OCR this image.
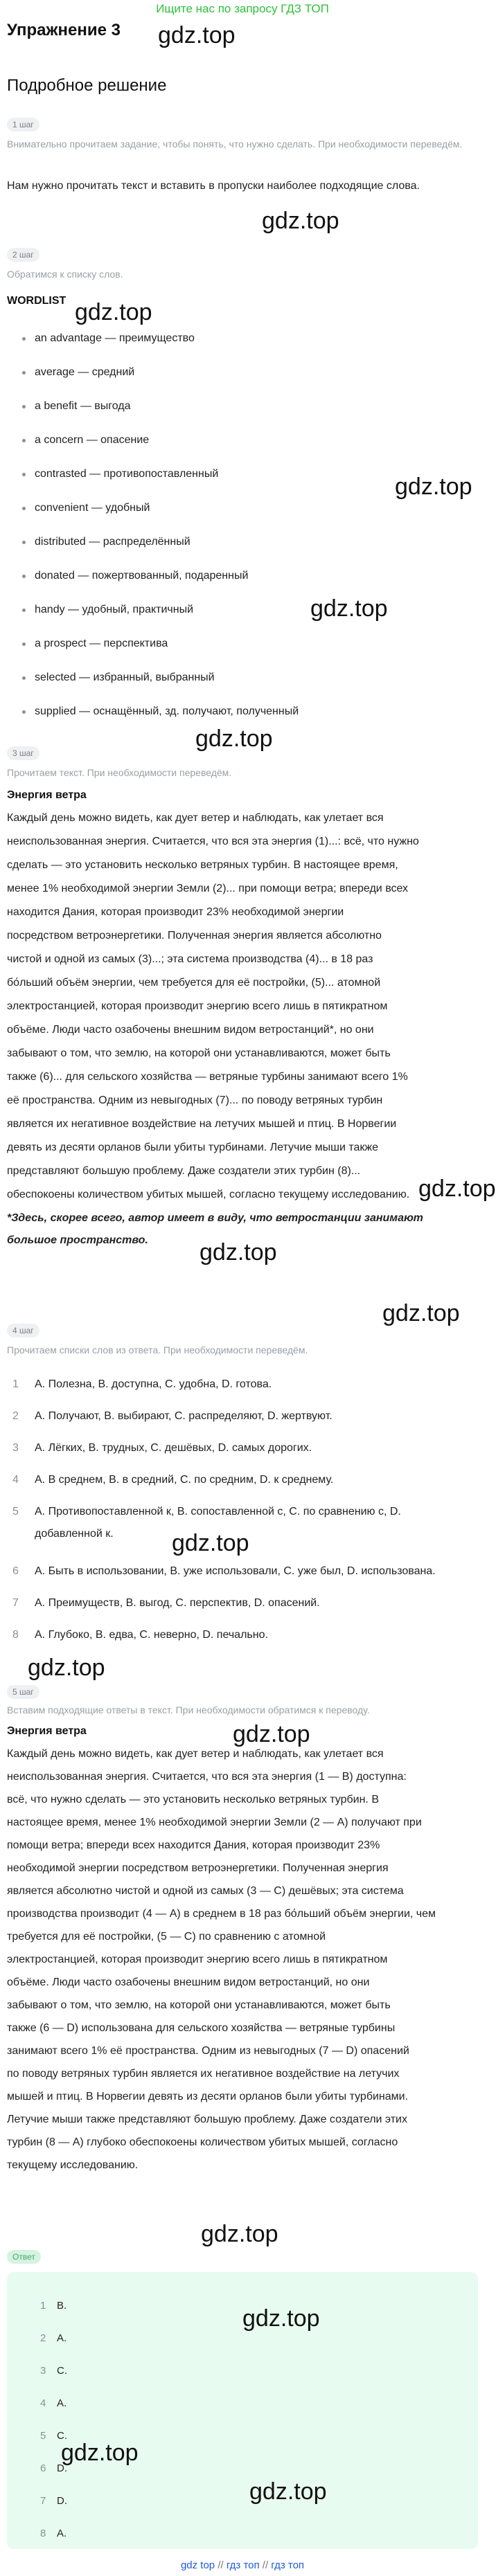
Ищите нас по запросу ГДЗ ТОП
Упражнение 3 gdz.top
Подробное решение
1 шаг
Внимательно прочитаем задание, чтобы понять, что нужно сделать. При необходимости переведём.
Нам нужно прочитать текст и вставить в пропуски наиболее подходящие слова.
gdz.top
2 шаг
Обратимся к списку слов.
WORDLIST gdz.top
an advantage — преимущество
average — средний
a benefit — выгода
a concern — опасение
contrasted — противопоставленный
convenient — удобный
distributed — распределённый
donated — пожертвованный, подаренный
handy — удобный, практичный
a prospect — перспектива
selected — избранный, выбранный
supplied — оснащённый, зд. получают, полученный
gdz.top
gdz.top
gdz.top
3 шаг
Прочитаем текст. При необходимости переведём.
Энергия ветра
Каждый день можно видеть, как дует ветер и наблюдать, как улетает вся
неиспользованная энергия. Считается, что вся эта энергия (1)...: всё, что нужно
сделать — это установить несколько ветряных турбин. В настоящее время,
менее 1% необходимой энергии Земли (2)... при помощи ветра; впереди всех
находится Дания, которая производит 23% необходимой энергии
посредством ветроэнергетики. Полученная энергия является абсолютно
чистой и одной из самых (3)...; эта система производства (4)... в 18 раз
бо́льший объём энергии, чем требуется для её постройки, (5)... атомной
электростанцией, которая производит энергию всего лишь в пятикратном
объёме. Люди часто озабочены внешним видом ветростанций*, но они
забывают о том, что землю, на которой они устанавливаются, может быть
также (6)... для сельского хозяйства — ветряные турбины занимают всего 1%
её пространства. Одним из невыгодных (7)... по поводу ветряных турбин
является их негативное воздействие на летучих мышей и птиц. В Норвегии
девять из десяти орланов были убиты турбинами. Летучие мыши также
представляют большую проблему. Даже создатели этих турбин (8)...
обеспокоены количеством убитых мышей, согласно текущему исследованию. gdz.top
*Здесь, скорее всего, автор имеет в виду, что ветростанции занимают
большое пространство.	gdz.top
gdz.top
4 шаг
Прочитаем списки слов из ответа. При необходимости переведём.
1 A. Полезна, B. доступна, C. удобна, D. готова.
2 A. Получают, B. выбирают, C. распределяют, D. жертвуют.
3 A. Лёгких, B. трудных, C. дешёвых, D. самых дорогих.
4 A. В среднем, B. в средний, C. по средним, D. к среднему.
5 A. Противопоставленной к, B. сопоставленной с, C. по сравнению с, D.
добавленной к.
6 A. Быть в использовании, B. уже использовали, C. уже был, D. использована.
7 A. Преимуществ, B. выгод, C. перспектив, D. опасений.
8 A. Глубоко, B. едва, C. неверно, D. печально.
gdz.top
gdz.top
5 шаг
Вставим подходящие ответы в текст. При необходимости обратимся к переводу.
gdz.top
Энергия ветра
Каждый день можно видеть, как дует ветер и наблюдать, как улетает вся
неиспользованная энергия. Считается, что вся эта энергия (1 — B) доступна:
всё, что нужно сделать — это установить несколько ветряных турбин. В
настоящее время, менее 1% необходимой энергии Земли (2 — A) получают при
помощи ветра; впереди всех находится Дания, которая производит 23%
необходимой энергии посредством ветроэнергетики. Полученная энергия
является абсолютно чистой и одной из самых (3 — C) дешёвых; эта система
производства производит (4 — A) в среднем в 18 раз бо́льший объём энергии, чем
требуется для её постройки, (5 — C) по сравнению с атомной
электростанцией, которая производит энергию всего лишь в пятикратном
объёме. Люди часто озабочены внешним видом ветростанций, но они
забывают о том, что землю, на которой они устанавливаются, может быть
также (6 — D) использована для сельского хозяйства — ветряные турбины
занимают всего 1% её пространства. Одним из невыгодных (7 — D) опасений
по поводу ветряных турбин является их негативное воздействие на летучих
мышей и птиц. В Норвегии девять из десяти орланов были убиты турбинами.
Летучие мыши также представляют большую проблему. Даже создатели этих
турбин (8 — A) глубоко обеспокоены количеством убитых мышей, согласно
текущему исследованию.
gdz.top
Ответ
1 B.
2 A.
3 C.
4 A.
5 C.
6 D.
7 D.
8 A.
gdz.top
gdz.top
gdz.top
gdz top // гдз топ // гдз топ
